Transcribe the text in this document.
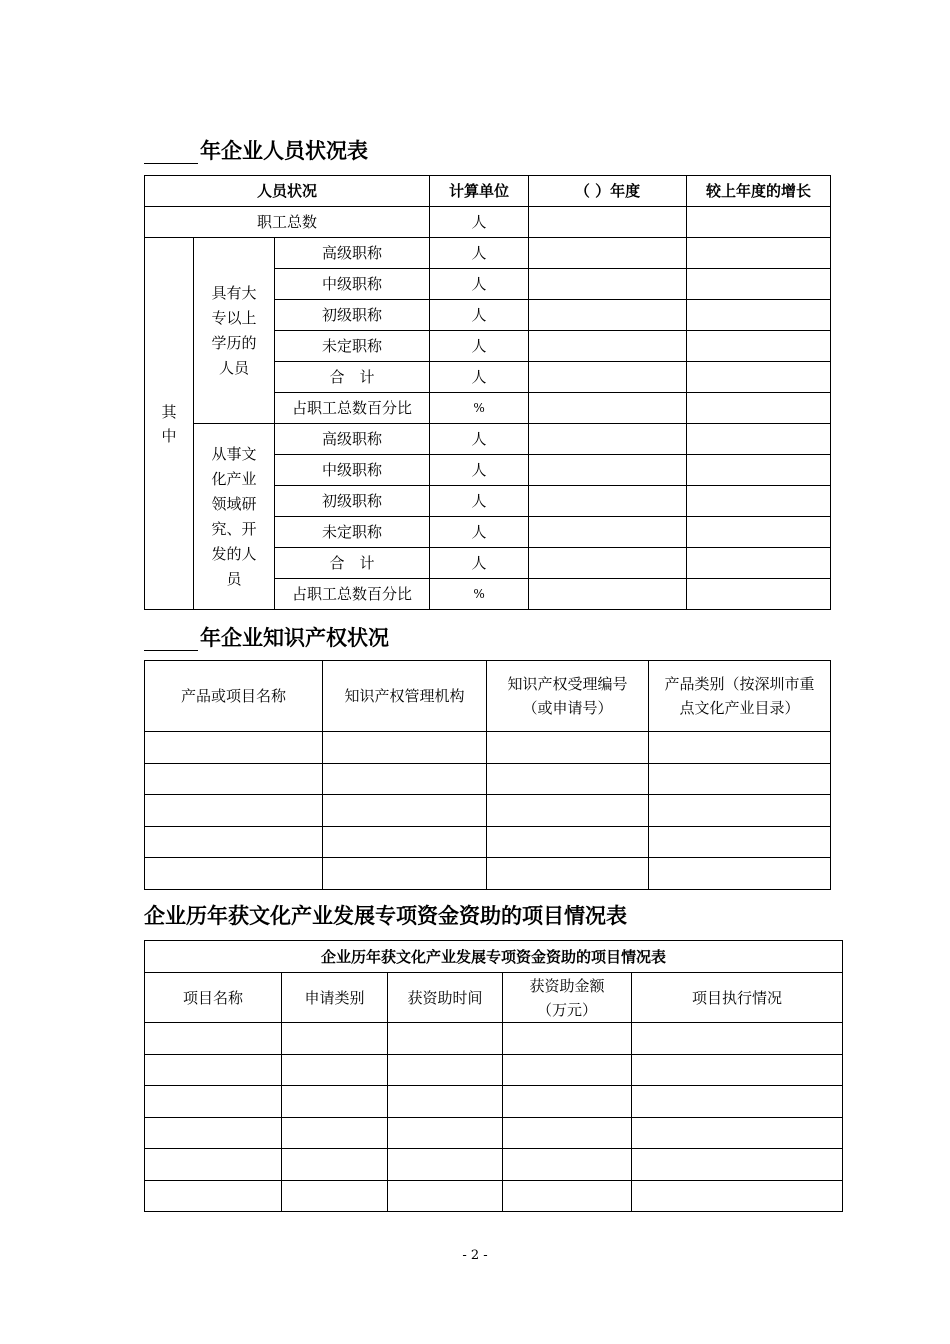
年企业人员状况表
人员状况			计算单位	（ ）年度	较上年度的增长
职工总数			人		

其中	具有大专以上学历的人员	高级职称	人		
		中级职称	人		
		初级职称	人		
		未定职称	人		
		合　计	人		
		占职工总数百分比	%		

	从事文化产业领域研究、开发的人员	高级职称	人		
		中级职称	人		
		初级职称	人		
		未定职称	人		
		合　计	人		
		占职工总数百分比	%		
年企业知识产权状况
产品或项目名称	知识产权管理机构	知识产权受理编号（或申请号）	产品类别（按深圳市重点文化产业目录）

企业历年获文化产业发展专项资金资助的项目情况表
企业历年获文化产业发展专项资金资助的项目情况表				
项目名称	申请类别	获资助时间	获资助金额（万元）	项目执行情况

- 2 -
